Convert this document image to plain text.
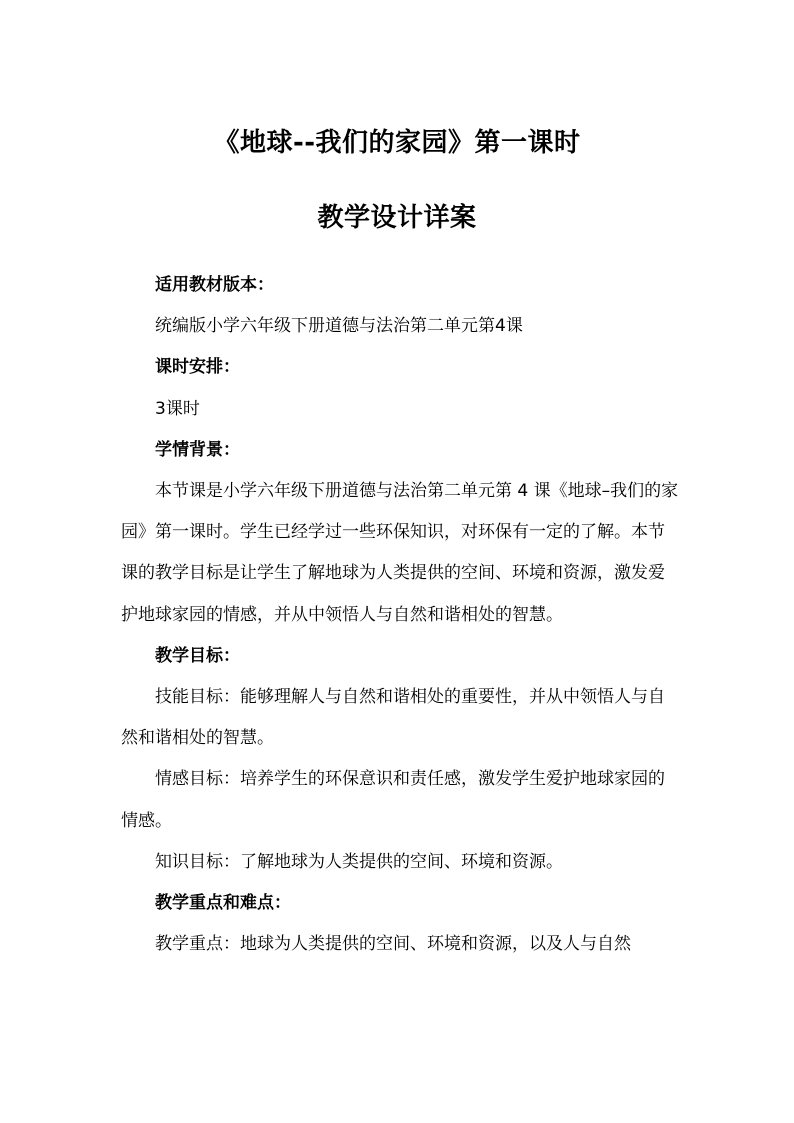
《地球--我们的家园》第一课时
教学设计详案

适用教材版本：

统编版小学六年级下册道德与法治第二单元第4课

课时安排：

3课时

学情背景：

本节课是小学六年级下册道德与法治第二单元第 4 课《地球–我们的家园》第一课时。学生已经学过一些环保知识，对环保有一定的了解。本节课的教学目标是让学生了解地球为人类提供的空间、环境和资源，激发爱护地球家园的情感，并从中领悟人与自然和谐相处的智慧。

教学目标：

技能目标：能够理解人与自然和谐相处的重要性，并从中领悟人与自然和谐相处的智慧。

情感目标：培养学生的环保意识和责任感，激发学生爱护地球家园的情感。

知识目标：了解地球为人类提供的空间、环境和资源。

教学重点和难点：

教学重点：地球为人类提供的空间、环境和资源，以及人与自然
